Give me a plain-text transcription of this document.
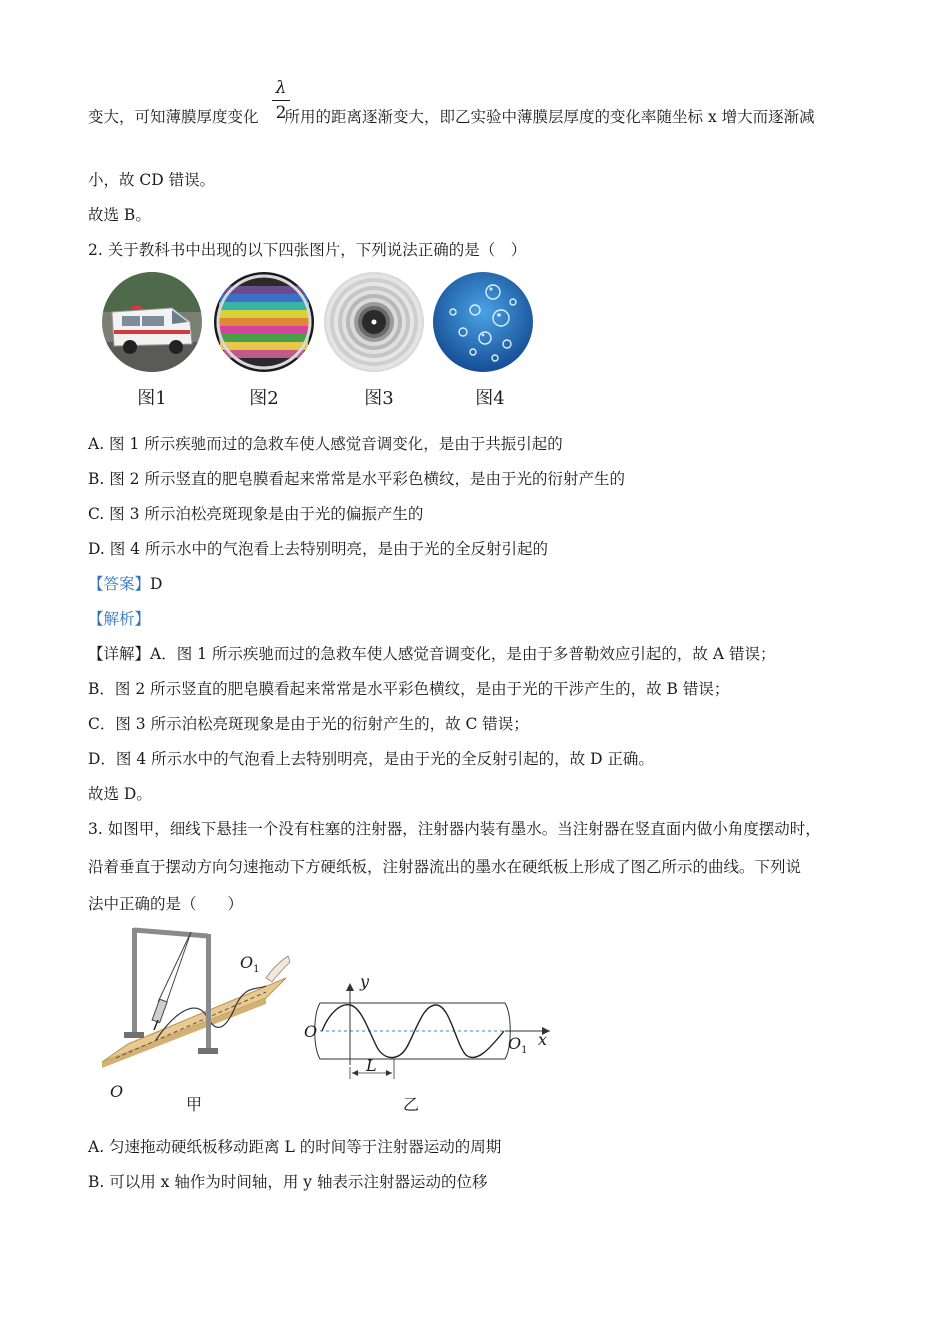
变大，可知薄膜厚度变化 所用的距离逐渐变大，即乙实验中薄膜层厚度的变化率随坐标 x 增大而逐渐减
λ
2
小，故 CD 错误。
故选 B。
2. 关于教科书中出现的以下四张图片，下列说法正确的是（　）
图1	图2	图3	图4
A. 图 1 所示疾驰而过的急救车使人感觉音调变化，是由于共振引起的
B. 图 2 所示竖直的肥皂膜看起来常常是水平彩色横纹，是由于光的衍射产生的
C. 图 3 所示泊松亮斑现象是由于光的偏振产生的
D. 图 4 所示水中的气泡看上去特别明亮，是由于光的全反射引起的
【答案】D
【解析】
【详解】A．图 1 所示疾驰而过的急救车使人感觉音调变化，是由于多普勒效应引起的，故 A 错误；
B．图 2 所示竖直的肥皂膜看起来常常是水平彩色横纹，是由于光的干涉产生的，故 B 错误；
C．图 3 所示泊松亮斑现象是由于光的衍射产生的，故 C 错误；
D．图 4 所示水中的气泡看上去特别明亮，是由于光的全反射引起的，故 D 正确。
故选 D。
3. 如图甲，细线下悬挂一个没有柱塞的注射器，注射器内装有墨水。当注射器在竖直面内做小角度摆动时，
沿着垂直于摆动方向匀速拖动下方硬纸板，注射器流出的墨水在硬纸板上形成了图乙所示的曲线。下列说
法中正确的是（　　）
$O_1$
O
甲
y
O
$O_1$
x
L
乙
A. 匀速拖动硬纸板移动距离 L 的时间等于注射器运动的周期
B. 可以用 x 轴作为时间轴，用 y 轴表示注射器运动的位移
